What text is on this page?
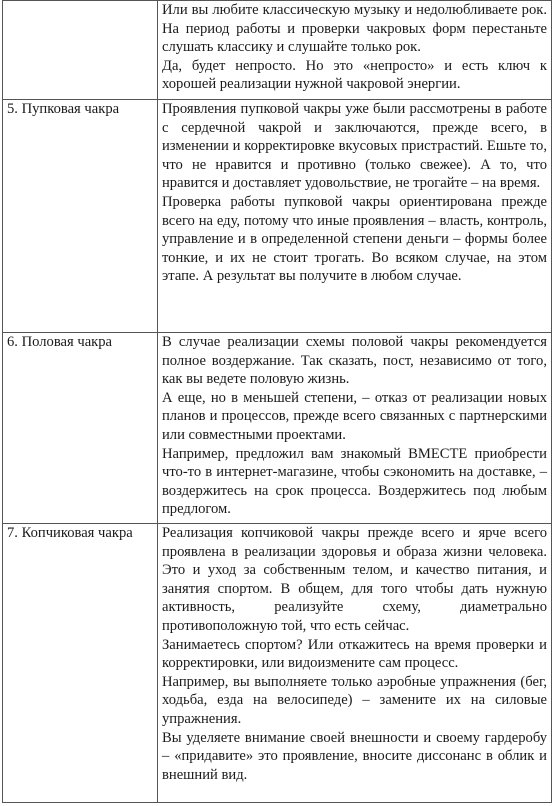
	Или вы любите классическую музыку и недолюбливаете рок. На период работы и проверки чакровых форм перестаньте слушать классику и слушайте только рок.
Да, будет непросто. Но это «непросто» и есть ключ к хорошей реализации нужной чакровой энергии.

5. Пупковая чакра	Проявления пупковой чакры уже были рассмотрены в работе с сердечной чакрой и заключаются, прежде всего, в изменении и корректировке вкусовых пристрастий. Ешьте то, что не нравится и противно (только свежее). А то, что нравится и доставляет удовольствие, не трогайте – на время.
Проверка работы пупковой чакры ориентирована прежде всего на еду, потому что иные проявления – власть, контроль, управление и в определенной степени деньги – формы более тонкие, и их не стоит трогать. Во всяком случае, на этом этапе. А результат вы получите в любом случае.

6. Половая чакра	В случае реализации схемы половой чакры рекомендуется полное воздержание. Так сказать, пост, независимо от того, как вы ведете половую жизнь.
А еще, но в меньшей степени, – отказ от реализации новых планов и процессов, прежде всего связанных с партнерскими или совместными проектами.
Например, предложил вам знакомый ВМЕСТЕ приобрести что-то в интернет-магазине, чтобы сэкономить на доставке, – воздержитесь на срок процесса. Воздержитесь под любым предлогом.

7. Копчиковая чакра	Реализация копчиковой чакры прежде всего и ярче всего проявлена в реализации здоровья и образа жизни человека. Это и уход за собственным телом, и качество питания, и занятия спортом. В общем, для того чтобы дать нужную активность, реализуйте схему, диаметрально противоположную той, что есть сейчас.
Занимаетесь спортом? Или откажитесь на время проверки и корректировки, или видоизмените сам процесс.
Например, вы выполняете только аэробные упражнения (бег, ходьба, езда на велосипеде) – замените их на силовые упражнения.
Вы уделяете внимание своей внешности и своему гардеробу – «придавите» это проявление, вносите диссонанс в облик и внешний вид.
